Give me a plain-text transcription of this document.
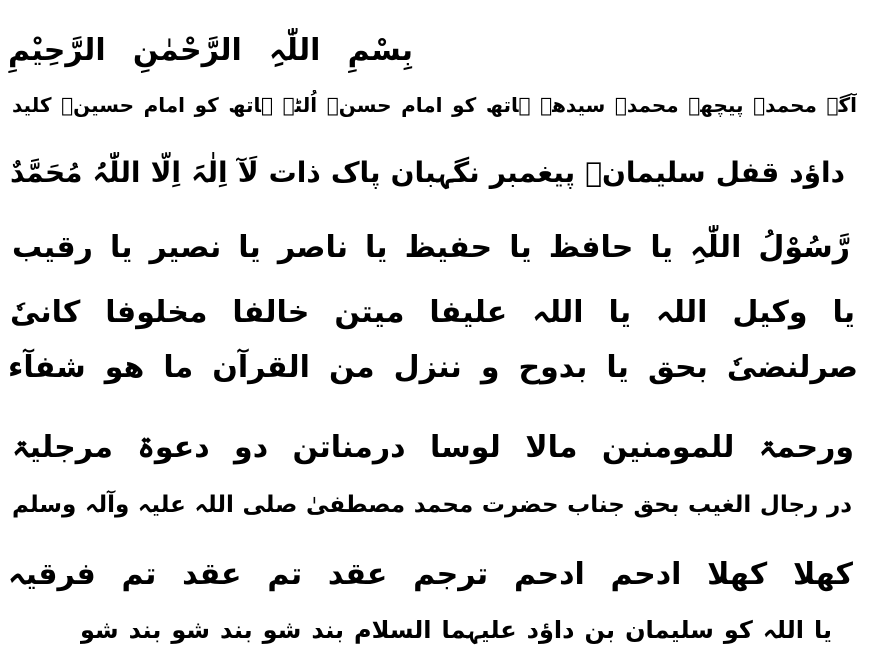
بِسْمِ اللّٰہِ الرَّحْمٰنِ الرَّحِیْمِ
آگے محمدؐ پیچھے محمدؐ سیدھے ہاتھ کو امام حسنؑ اُلٹے ہاتھ کو امام حسینؑ کلید
داؤد قفل سلیمانؑ پیغمبر نگہبان پاک ذات لَآ اِلٰہَ اِلَّا اللّٰہُ مُحَمَّدٌ
رَّسُوْلُ اللّٰہِ یا حافظ یا حفیظ یا ناصر یا نصیر یا رقیب
یا وکیل اللہ یا اللہ علیفا میتن خالفا مخلوفا کانیٗ
صرلنضیٗ بحق یا بدوح و ننزل من القرآن ما ھو شفآء
ورحمۃ للمومنین مالا لوسا درمناتن دو دعوۃ مرجلیۃ
در رجال الغیب بحق جناب حضرت محمد مصطفیٰ صلی اللہ علیہ وآلہ وسلم
کھلا کھلا ادحم ادحم ترجم عقد تم عقد تم فرقیہ
یا اللہ کو سلیمان بن داؤد علیہما السلام بند شو بند شو بند شو
